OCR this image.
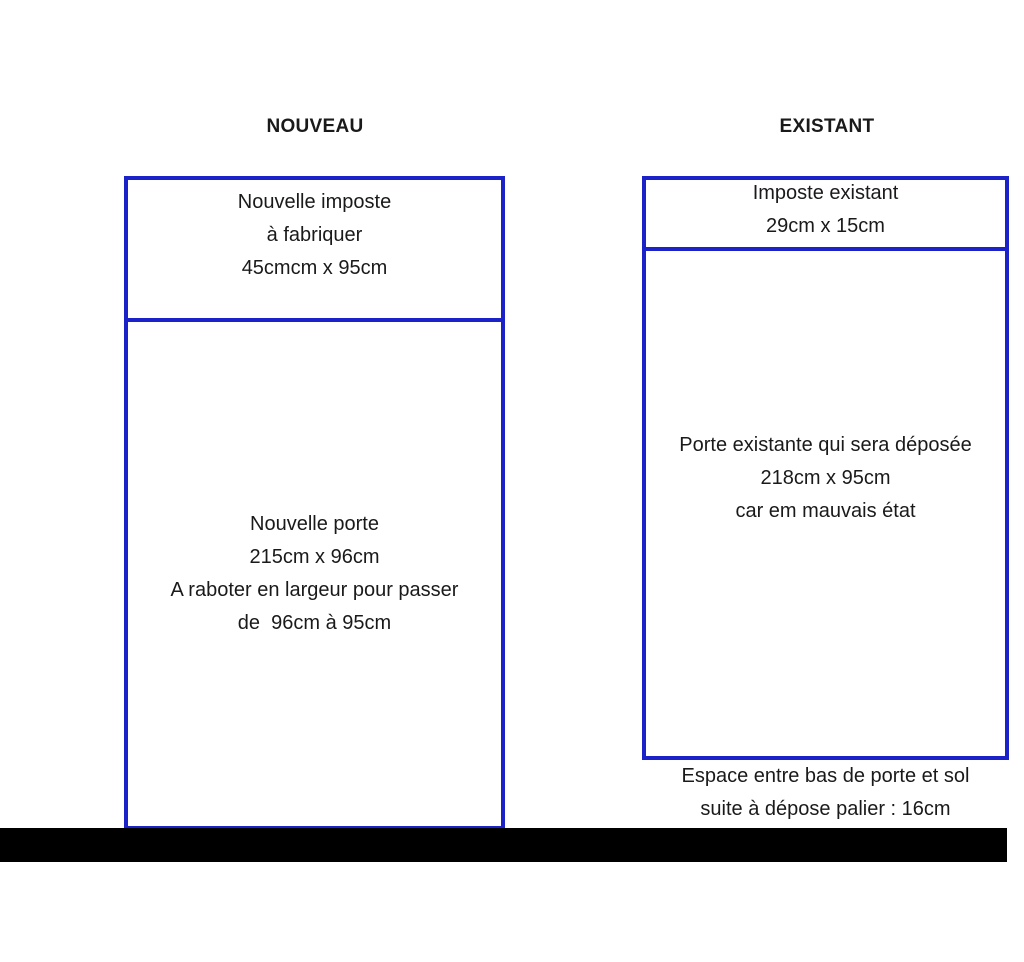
NOUVEAU	EXISTANT
Nouvelle imposte
à fabriquer
45cmcm x 95cm
Nouvelle porte
215cm x 96cm
A raboter en largeur pour passer
de  96cm à 95cm
Imposte existant
29cm x 15cm
Porte existante qui sera déposée
218cm x 95cm
car em mauvais état
Espace entre bas de porte et sol
suite à dépose palier : 16cm
